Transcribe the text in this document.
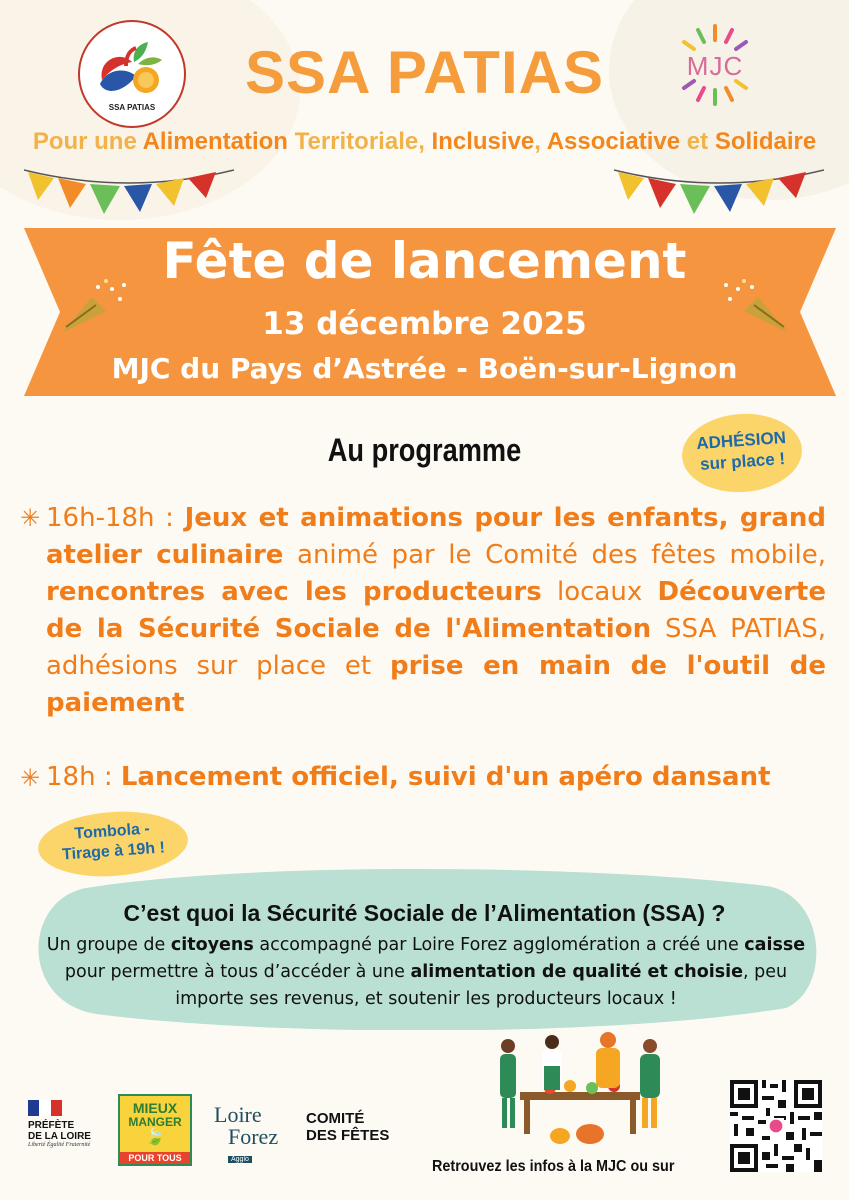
SSA PATIAS
MJC
SSA PATIAS
Pour une Alimentation Territoriale, Inclusive, Associative et Solidaire
Fête de lancement
13 décembre 2025
MJC du Pays d’Astrée - Boën-sur-Lignon
ADHÉSION
sur place !
Au programme
✳ 16h-18h : Jeux et animations pour les enfants, grand atelier culinaire animé par le Comité des fêtes mobile, rencontres avec les producteurs locaux Découverte de la Sécurité Sociale de l'Alimentation SSA PATIAS, adhésions sur place et prise en main de l'outil de paiement
✳ 18h : Lancement officiel, suivi d'un apéro dansant
Tombola -
Tirage à 19h !
C’est quoi la Sécurité Sociale de l’Alimentation (SSA) ?
Un groupe de citoyens accompagné par Loire Forez agglomération a créé une caisse pour permettre à tous d’accéder à une alimentation de qualité et choisie, peu importe ses revenus, et soutenir les producteurs locaux !
PRÉFÈTE
DE LA LOIRE
Liberté Égalité Fraternité
MIEUX
MANGER
🍃
POUR TOUS
Loire
Forez
Agglo
COMITÉ
DES FÊTES
Retrouvez les infos à la MJC ou sur
